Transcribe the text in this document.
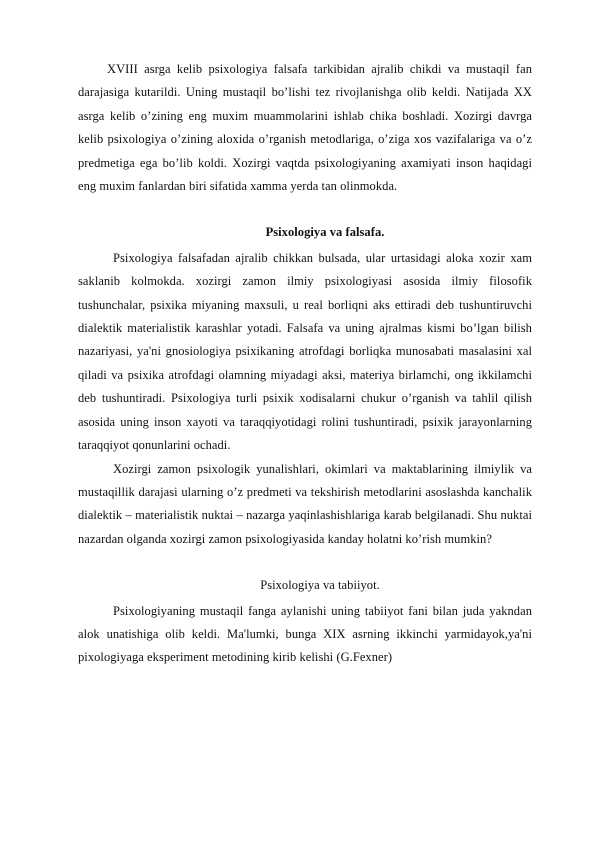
XVIII asrga kelib psixologiya falsafa tarkibidan ajralib chikdi va mustaqil fan darajasiga kutarildi. Uning mustaqil bo’lishi tez rivojlanishga olib keldi. Natijada XX asrga kelib o’zining eng muxim muammolarini ishlab chika boshladi. Xozirgi davrga kelib psixologiya o’zining aloxida o’rganish metodlariga, o’ziga xos vazifalariga va o’z predmetiga ega bo’lib koldi. Xozirgi vaqtda psixologiyaning axamiyati inson haqidagi eng muxim fanlardan biri sifatida xamma yerda tan olinmokda.

Psixologiya va falsafa.

Psixologiya falsafadan ajralib chikkan bulsada, ular urtasidagi aloka xozir xam saklanib kolmokda. xozirgi zamon ilmiy psixologiyasi asosida ilmiy filosofik tushunchalar, psixika miyaning maxsuli, u real borliqni aks ettiradi deb tushuntiruvchi dialektik materialistik karashlar yotadi. Falsafa va uning ajralmas kismi bo’lgan bilish nazariyasi, ya'ni gnosiologiya psixikaning atrofdagi borliqka munosabati masalasini xal qiladi va psixika atrofdagi olamning miyadagi aksi, materiya birlamchi, ong ikkilamchi deb tushuntiradi. Psixologiya turli psixik xodisalarni chukur o’rganish va tahlil qilish asosida uning inson xayoti va taraqqiyotidagi rolini tushuntiradi, psixik jarayonlarning taraqqiyot qonunlarini ochadi.

Xozirgi zamon psixologik yunalishlari, okimlari va maktablarining ilmiylik va mustaqillik darajasi ularning o’z predmeti va tekshirish metodlarini asoslashda kanchalik dialektik – materialistik nuktai – nazarga yaqinlashishlariga karab belgilanadi. Shu nuktai nazardan olganda xozirgi zamon psixologiyasida kanday holatni ko’rish mumkin?

Psixologiya va tabiiyot.

Psixologiyaning mustaqil fanga aylanishi uning tabiiyot fani bilan juda yakndan alok unatishiga olib keldi. Ma'lumki, bunga XIX asrning ikkinchi yarmidayok,ya'ni pixologiyaga eksperiment metodining kirib kelishi (G.Fexner)
